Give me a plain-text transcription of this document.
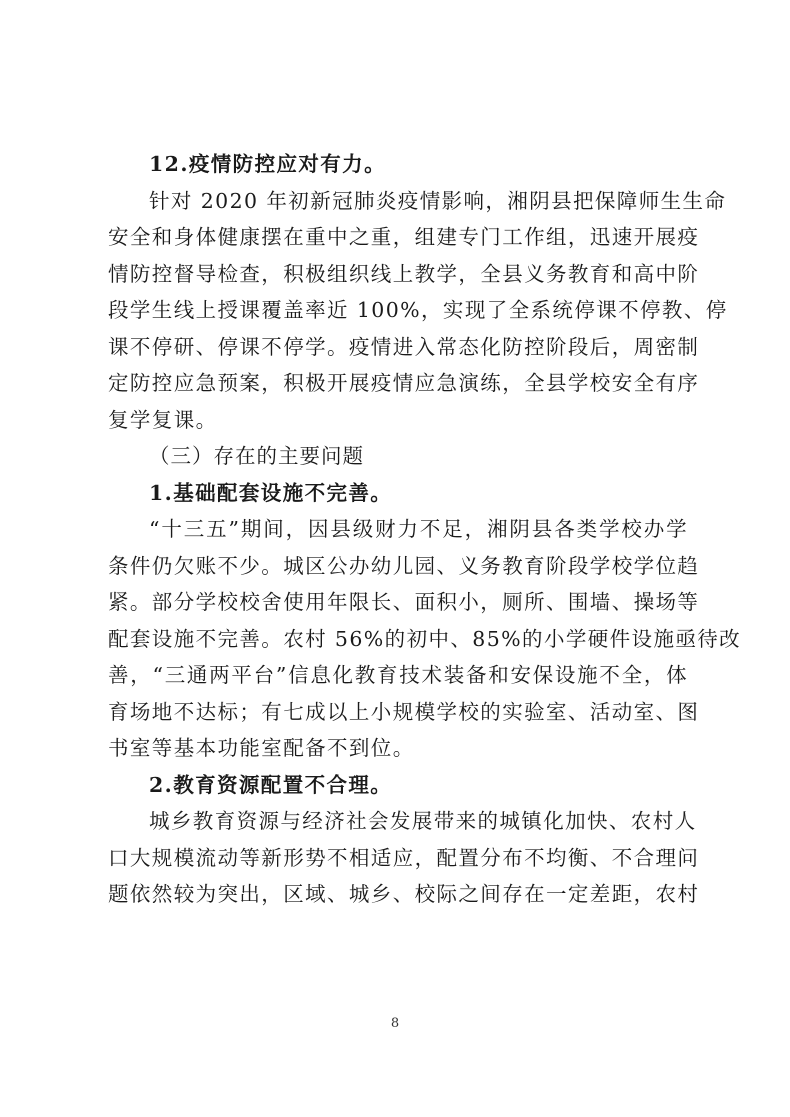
12.疫情防控应对有力。

针对 2020 年初新冠肺炎疫情影响，湘阴县把保障师生生命
安全和身体健康摆在重中之重，组建专门工作组，迅速开展疫
情防控督导检查，积极组织线上教学，全县义务教育和高中阶
段学生线上授课覆盖率近 100%，实现了全系统停课不停教、停
课不停研、停课不停学。疫情进入常态化防控阶段后，周密制
定防控应急预案，积极开展疫情应急演练，全县学校安全有序
复学复课。

（三）存在的主要问题

1.基础配套设施不完善。

“十三五”期间，因县级财力不足，湘阴县各类学校办学
条件仍欠账不少。城区公办幼儿园、义务教育阶段学校学位趋
紧。部分学校校舍使用年限长、面积小，厕所、围墙、操场等
配套设施不完善。农村 56%的初中、85%的小学硬件设施亟待改
善，“三通两平台”信息化教育技术装备和安保设施不全，体
育场地不达标；有七成以上小规模学校的实验室、活动室、图
书室等基本功能室配备不到位。

2.教育资源配置不合理。

城乡教育资源与经济社会发展带来的城镇化加快、农村人
口大规模流动等新形势不相适应，配置分布不均衡、不合理问
题依然较为突出，区域、城乡、校际之间存在一定差距，农村
8
